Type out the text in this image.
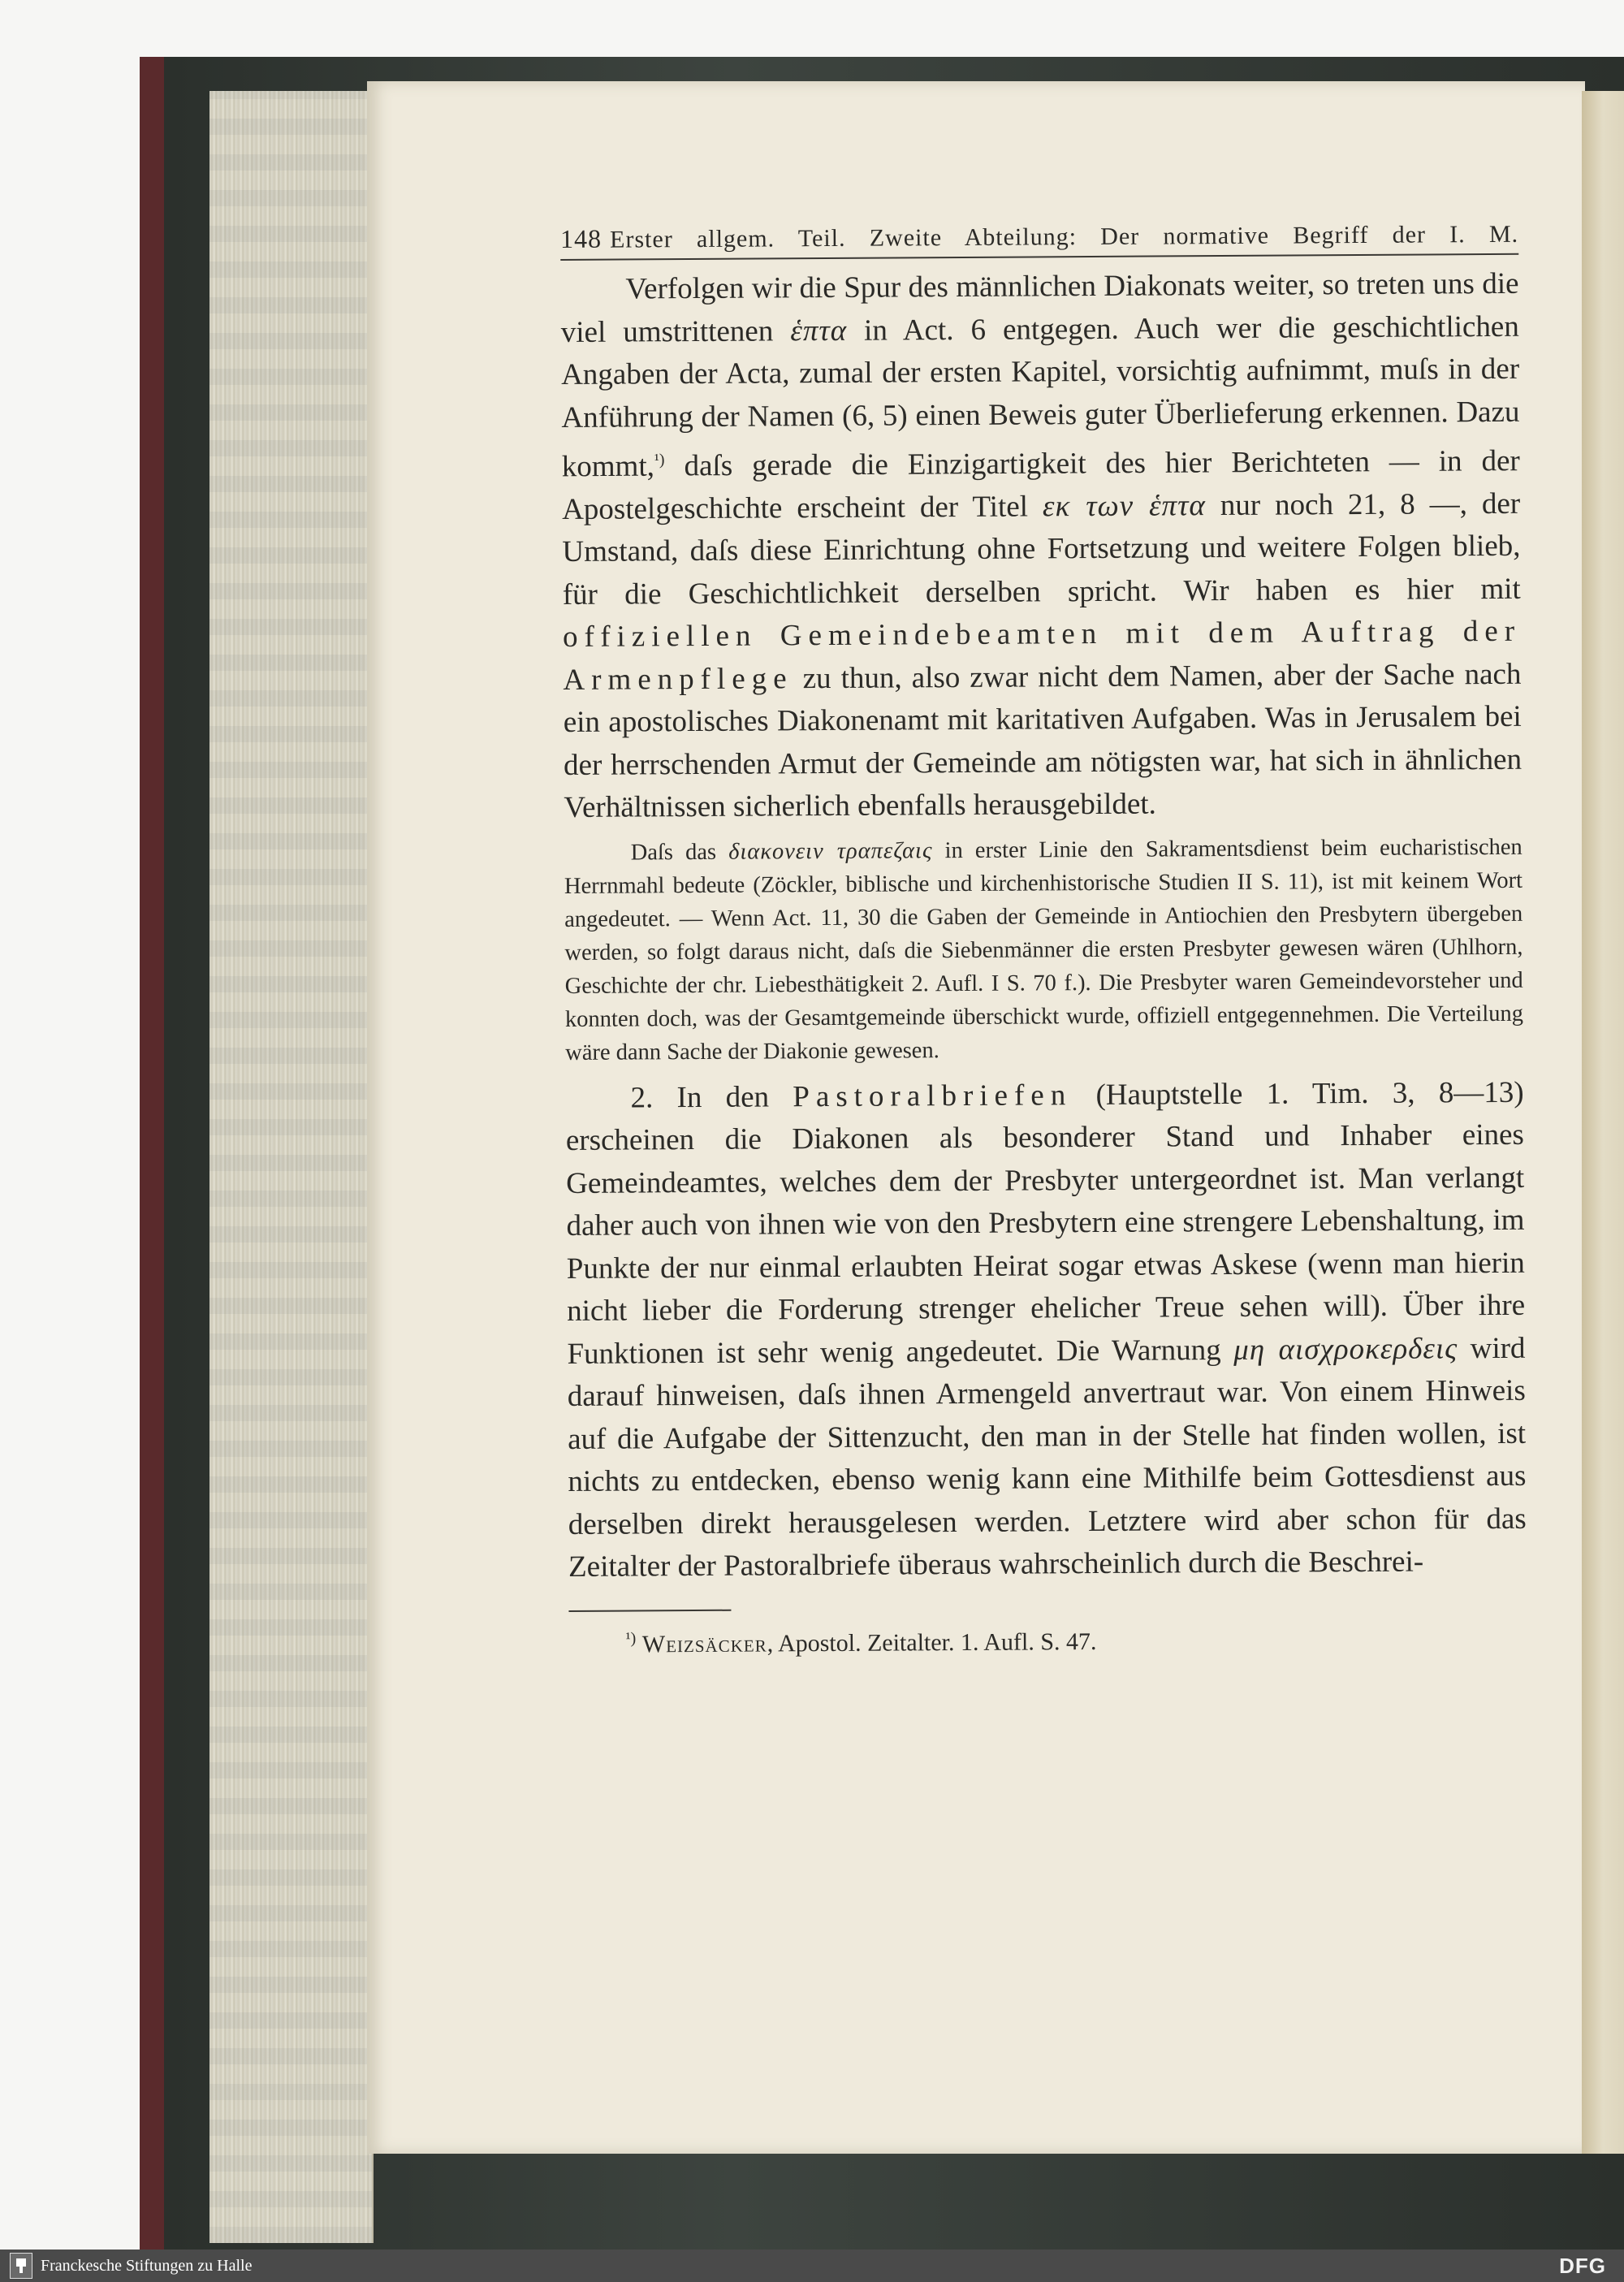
148 Erster allgem. Teil. Zweite Abteilung: Der normative Begriff der I. M.

Verfolgen wir die Spur des männlichen Diakonats weiter, so treten uns die viel umstrittenen ἑπτα in Act. 6 entgegen. Auch wer die geschichtlichen Angaben der Acta, zumal der ersten Kapitel, vorsichtig aufnimmt, muſs in der Anführung der Namen (6, 5) einen Beweis guter Überlieferung erkennen. Dazu kommt,$^{^1)}$ daſs gerade die Einzigartigkeit des hier Berichteten — in der Apostelgeschichte erscheint der Titel εκ των ἑπτα nur noch 21, 8 —, der Umstand, daſs diese Einrichtung ohne Fortsetzung und weitere Folgen blieb, für die Geschichtlichkeit derselben spricht. Wir haben es hier mit offiziellen Gemeindebeamten mit dem Auftrag der Armenpflege zu thun, also zwar nicht dem Namen, aber der Sache nach ein apostolisches Diakonenamt mit karitativen Aufgaben. Was in Jerusalem bei der herrschenden Armut der Gemeinde am nötigsten war, hat sich in ähnlichen Verhältnissen sicherlich ebenfalls herausgebildet.

Daſs das διακονειν τραπεζαις in erster Linie den Sakramentsdienst beim eucharistischen Herrnmahl bedeute (Zöckler, biblische und kirchenhistorische Studien II S. 11), ist mit keinem Wort angedeutet. — Wenn Act. 11, 30 die Gaben der Gemeinde in Antiochien den Presbytern übergeben werden, so folgt daraus nicht, daſs die Siebenmänner die ersten Presbyter gewesen wären (Uhlhorn, Geschichte der chr. Liebesthätigkeit 2. Aufl. I S. 70 f.). Die Presbyter waren Gemeindevorsteher und konnten doch, was der Gesamtgemeinde überschickt wurde, offiziell entgegennehmen. Die Verteilung wäre dann Sache der Diakonie gewesen.

2. In den Pastoralbriefen (Hauptstelle 1. Tim. 3, 8—13) erscheinen die Diakonen als besonderer Stand und Inhaber eines Gemeindeamtes, welches dem der Presbyter untergeordnet ist. Man verlangt daher auch von ihnen wie von den Presbytern eine strengere Lebenshaltung, im Punkte der nur einmal erlaubten Heirat sogar etwas Askese (wenn man hierin nicht lieber die Forderung strenger ehelicher Treue sehen will). Über ihre Funktionen ist sehr wenig angedeutet. Die Warnung μη αισχροκερδεις wird darauf hinweisen, daſs ihnen Armengeld anvertraut war. Von einem Hinweis auf die Aufgabe der Sittenzucht, den man in der Stelle hat finden wollen, ist nichts zu entdecken, ebenso wenig kann eine Mithilfe beim Gottesdienst aus derselben direkt herausgelesen werden. Letztere wird aber schon für das Zeitalter der Pastoralbriefe überaus wahrscheinlich durch die Beschrei-

$^{^1)}$ Weizsäcker, Apostol. Zeitalter. 1. Aufl. S. 47.
Franckesche Stiftungen zu Halle	DFG
